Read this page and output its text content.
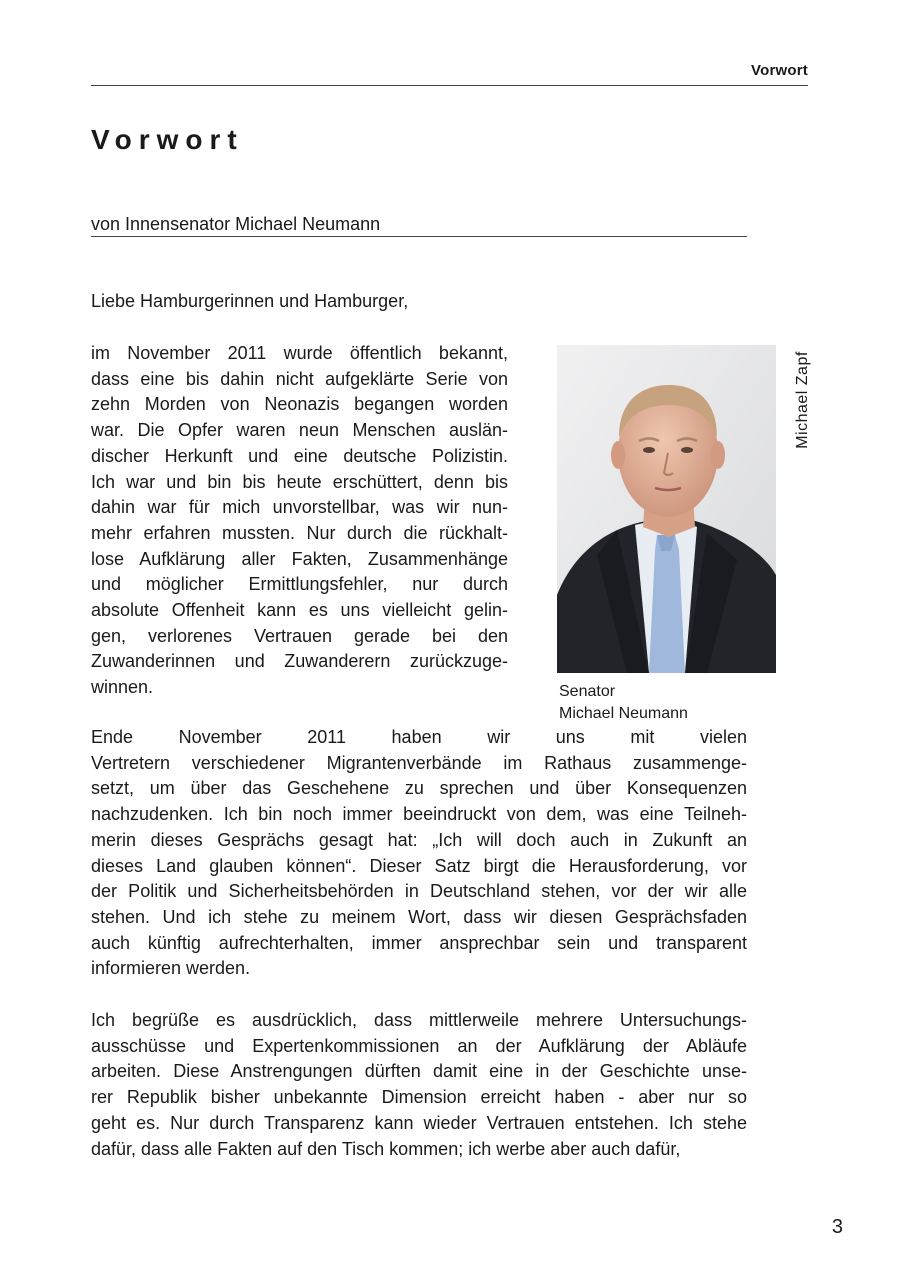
Vorwort
Vorwort
von Innensenator Michael Neumann
Liebe Hamburgerinnen und Hamburger,
im November 2011 wurde öffentlich bekannt,
dass eine bis dahin nicht aufgeklärte Serie von
zehn Morden von Neonazis begangen worden
war. Die Opfer waren neun Menschen auslän-
discher Herkunft und eine deutsche Polizistin.
Ich war und bin bis heute erschüttert, denn bis
dahin war für mich unvorstellbar, was wir nun-
mehr erfahren mussten. Nur durch die rückhalt-
lose Aufklärung aller Fakten, Zusammenhänge
und möglicher Ermittlungsfehler, nur durch
absolute Offenheit kann es uns vielleicht gelin-
gen, verlorenes Vertrauen gerade bei den
Zuwanderinnen und Zuwanderern zurückzuge-
winnen.
Ende November 2011 haben wir uns mit vielen
Vertretern verschiedener Migrantenverbände im Rathaus zusammenge-
setzt, um über das Geschehene zu sprechen und über Konsequenzen
nachzudenken. Ich bin noch immer beeindruckt von dem, was eine Teilneh-
merin dieses Gesprächs gesagt hat: „Ich will doch auch in Zukunft an
dieses Land glauben können“. Dieser Satz birgt die Herausforderung, vor
der Politik und Sicherheitsbehörden in Deutschland stehen, vor der wir alle
stehen. Und ich stehe zu meinem Wort, dass wir diesen Gesprächsfaden
auch künftig aufrechterhalten, immer ansprechbar sein und transparent
informieren werden.
Ich begrüße es ausdrücklich, dass mittlerweile mehrere Untersuchungs-
ausschüsse und Expertenkommissionen an der Aufklärung der Abläufe
arbeiten. Diese Anstrengungen dürften damit eine in der Geschichte unse-
rer Republik bisher unbekannte Dimension erreicht haben - aber nur so
geht es. Nur durch Transparenz kann wieder Vertrauen entstehen. Ich stehe
dafür, dass alle Fakten auf den Tisch kommen; ich werbe aber auch dafür,
Senator
Michael Neumann
Michael Zapf
3
